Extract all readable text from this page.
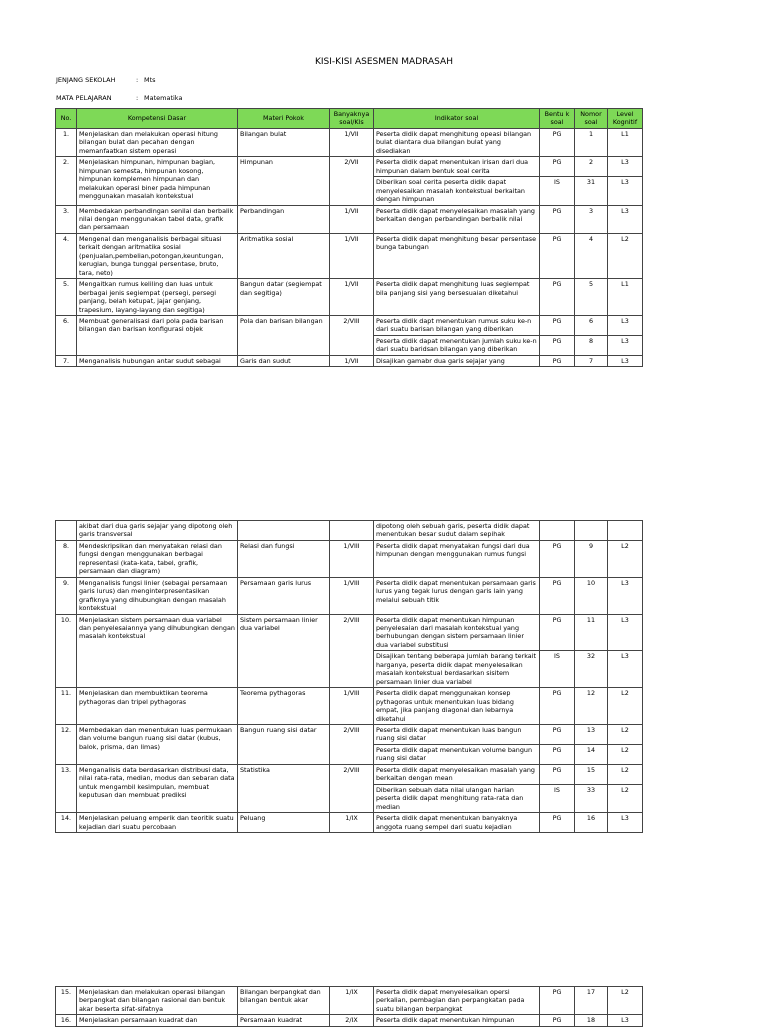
KISI-KISI ASESMEN MADRASAH
JENJANG SEKOLAH	: Mts
MATA PELAJARAN	: Matematika
No.	Kompetensi Dasar	Materi Pokok	Banyaknya soal/Kls	Indikator soal	Bentu k soal	Nomor soal	Level Kognitif
1.	Menjelaskan dan melakukan operasi hitung bilangan bulat dan pecahan dengan memanfaatkan sistem operasi	Bilangan bulat	1/VII	Peserta didik dapat menghitung opeasi bilangan bulat diantara dua bilangan bulat yang disediakan	PG	1	L1
2.	Menjelaskan himpunan, himpunan bagian, himpunan semesta, himpunan kosong, himpunan komplemen himpunan dan melakukan operasi biner pada himpunan menggunakan masalah kontekstual	Himpunan	2/VII	Peserta didik dapat menentukan irisan dari dua himpunan dalam bentuk soal cerita	PG	2	L3
				Diberikan soal cerita peserta didik dapat menyelesaikan masalah kontekstual berkaitan dengan himpunan	IS	31	L3
3.	Membedakan perbandingan senilai dan berbalik nilai dengan menggunakan tabel data, grafik dan persamaan	Perbandingan	1/VII	Peserta didik dapat menyelesaikan masalah yang berkaitan dengan perbandingan berbalik nilai	PG	3	L3
4.	Mengenal dan menganalisis berbagai situasi terkait dengan aritmatika sosial (penjualan,pembelian,potongan,keuntungan, kerugian, bunga tunggal persentase, bruto, tara, neto)	Aritmatika sosial	1/VII	Peserta didik dapat menghitung besar persentase bunga tabungan	PG	4	L2
5.	Mengaitkan rumus keliling dan luas untuk berbagai jenis segiempat (persegi, persegi panjang, belah ketupat, jajar genjang, trapesium, layang-layang dan segitiga)	Bangun datar (segiempat dan segitiga)	1/VII	Peserta didik dapat menghitung luas segiempat bila panjang sisi yang bersesuaian diketahui	PG	5	L1
6.	Membuat generalisasi dari pola pada barisan bilangan dan barisan konfigurasi objek	Pola dan barisan bilangan	2/VIII	Peserta didik dapt menentukan rumus suku ke-n dari suatu barisan bilangan yang diberikan	PG	6	L3
				Peserta didik dapat menentukan jumlah suku ke-n dari suatu baridsan bilangan yang diberikan	PG	8	L3
7.	Menganalisis hubungan antar sudut sebagai	Garis dan sudut	1/VII	Disajikan gamabr dua garis sejajar yang	PG	7	L3
	akibat dari dua garis sejajar yang dipotong oleh garis transversal			dipotong oleh sebuah garis, peserta didik dapat menentukan besar sudut dalam sepihak			
8.	Mendeskripsikan dan menyatakan relasi dan fungsi dengan menggunakan berbagai representasi (kata-kata, tabel, grafik, persamaan dan diagram)	Relasi dan fungsi	1/VIII	Peserta didik dapat menyatakan fungsi dari dua himpunan dengan menggunakan rumus fungsi	PG	9	L2
9.	Menganalisis fungsi linier (sebagai persamaan garis lurus) dan menginterpresentasikan grafiknya yang dihubungkan dengan masalah kontekstual	Persamaan garis lurus	1/VIII	Peserta didik dapat menentukan persamaan garis lurus yang tegak lurus dengan garis lain yang melalui sebuah titik	PG	10	L3
10.	Menjelaskan sistem persamaan dua variabel dan penyelesaiannya yang dihubungkan dengan masalah kontekstual	Sistem persamaan linier dua variabel	2/VIII	Peserta didik dapat menentukan himpunan penyelesaian dari masalah kontekstual yang berhubungan dengan sistem persamaan linier dua variabel substitusi	PG	11	L3
				Disajikan tentang beberapa jumlah barang terkait harganya, peserta didik dapat menyelesaikan masalah kontekstual berdasarkan sisitem persamaan linier dua variabel	IS	32	L3
11.	Menjelaskan dan membuktikan teorema pythagoras dan tripel pythagoras	Teorema pythagoras	1/VIII	Peserta didik dapat menggunakan konsep pythagoras untuk menentukan luas bidang empat, jika panjang diagonal dan lebarnya diketahui	PG	12	L2
12.	Membedakan dan menentukan luas permukaan dan volume bangun ruang sisi datar (kubus, balok, prisma, dan limas)	Bangun ruang sisi datar	2/VIII	Peserta didik dapat menentukan luas bangun ruang sisi datar	PG	13	L2
				Peserta didik dapat menentukan volume bangun ruang sisi datar	PG	14	L2
13.	Menganalisis data berdasarkan distribusi data, nilai rata-rata, median, modus dan sebaran data untuk mengambil kesimpulan, membuat keputusan dan membuat prediksi	Statistika	2/VIII	Peserta didik dapat menyelesaikan masalah yang berkaitan dengan mean	PG	15	L2
				Diberikan sebuah data nilai ulangan harian peserta didik dapat menghitung rata-rata dan median	IS	33	L2
14.	Menjelaskan peluang emperik dan teoritik suatu kejadian dari suatu percobaan	Peluang	1/IX	Peserta didik dapat menentukan banyaknya anggota ruang sempel dari suatu kejadian	PG	16	L3
15.	Menjelaskan dan melakukan operasi bilangan berpangkat dan bilangan rasional dan bentuk akar beserta sifat-sifatnya	Bilangan berpangkat dan bilangan bentuk akar	1/IX	Peserta didik dapat menyelesaikan opersi perkalian, pembagian dan perpangkatan pada suatu bilangan berpangkat	PG	17	L2
16.	Menjelaskan persamaan kuadrat dan	Persamaan kuadrat	2/IX	Peserta didik dapat menentukan himpunan	PG	18	L3
